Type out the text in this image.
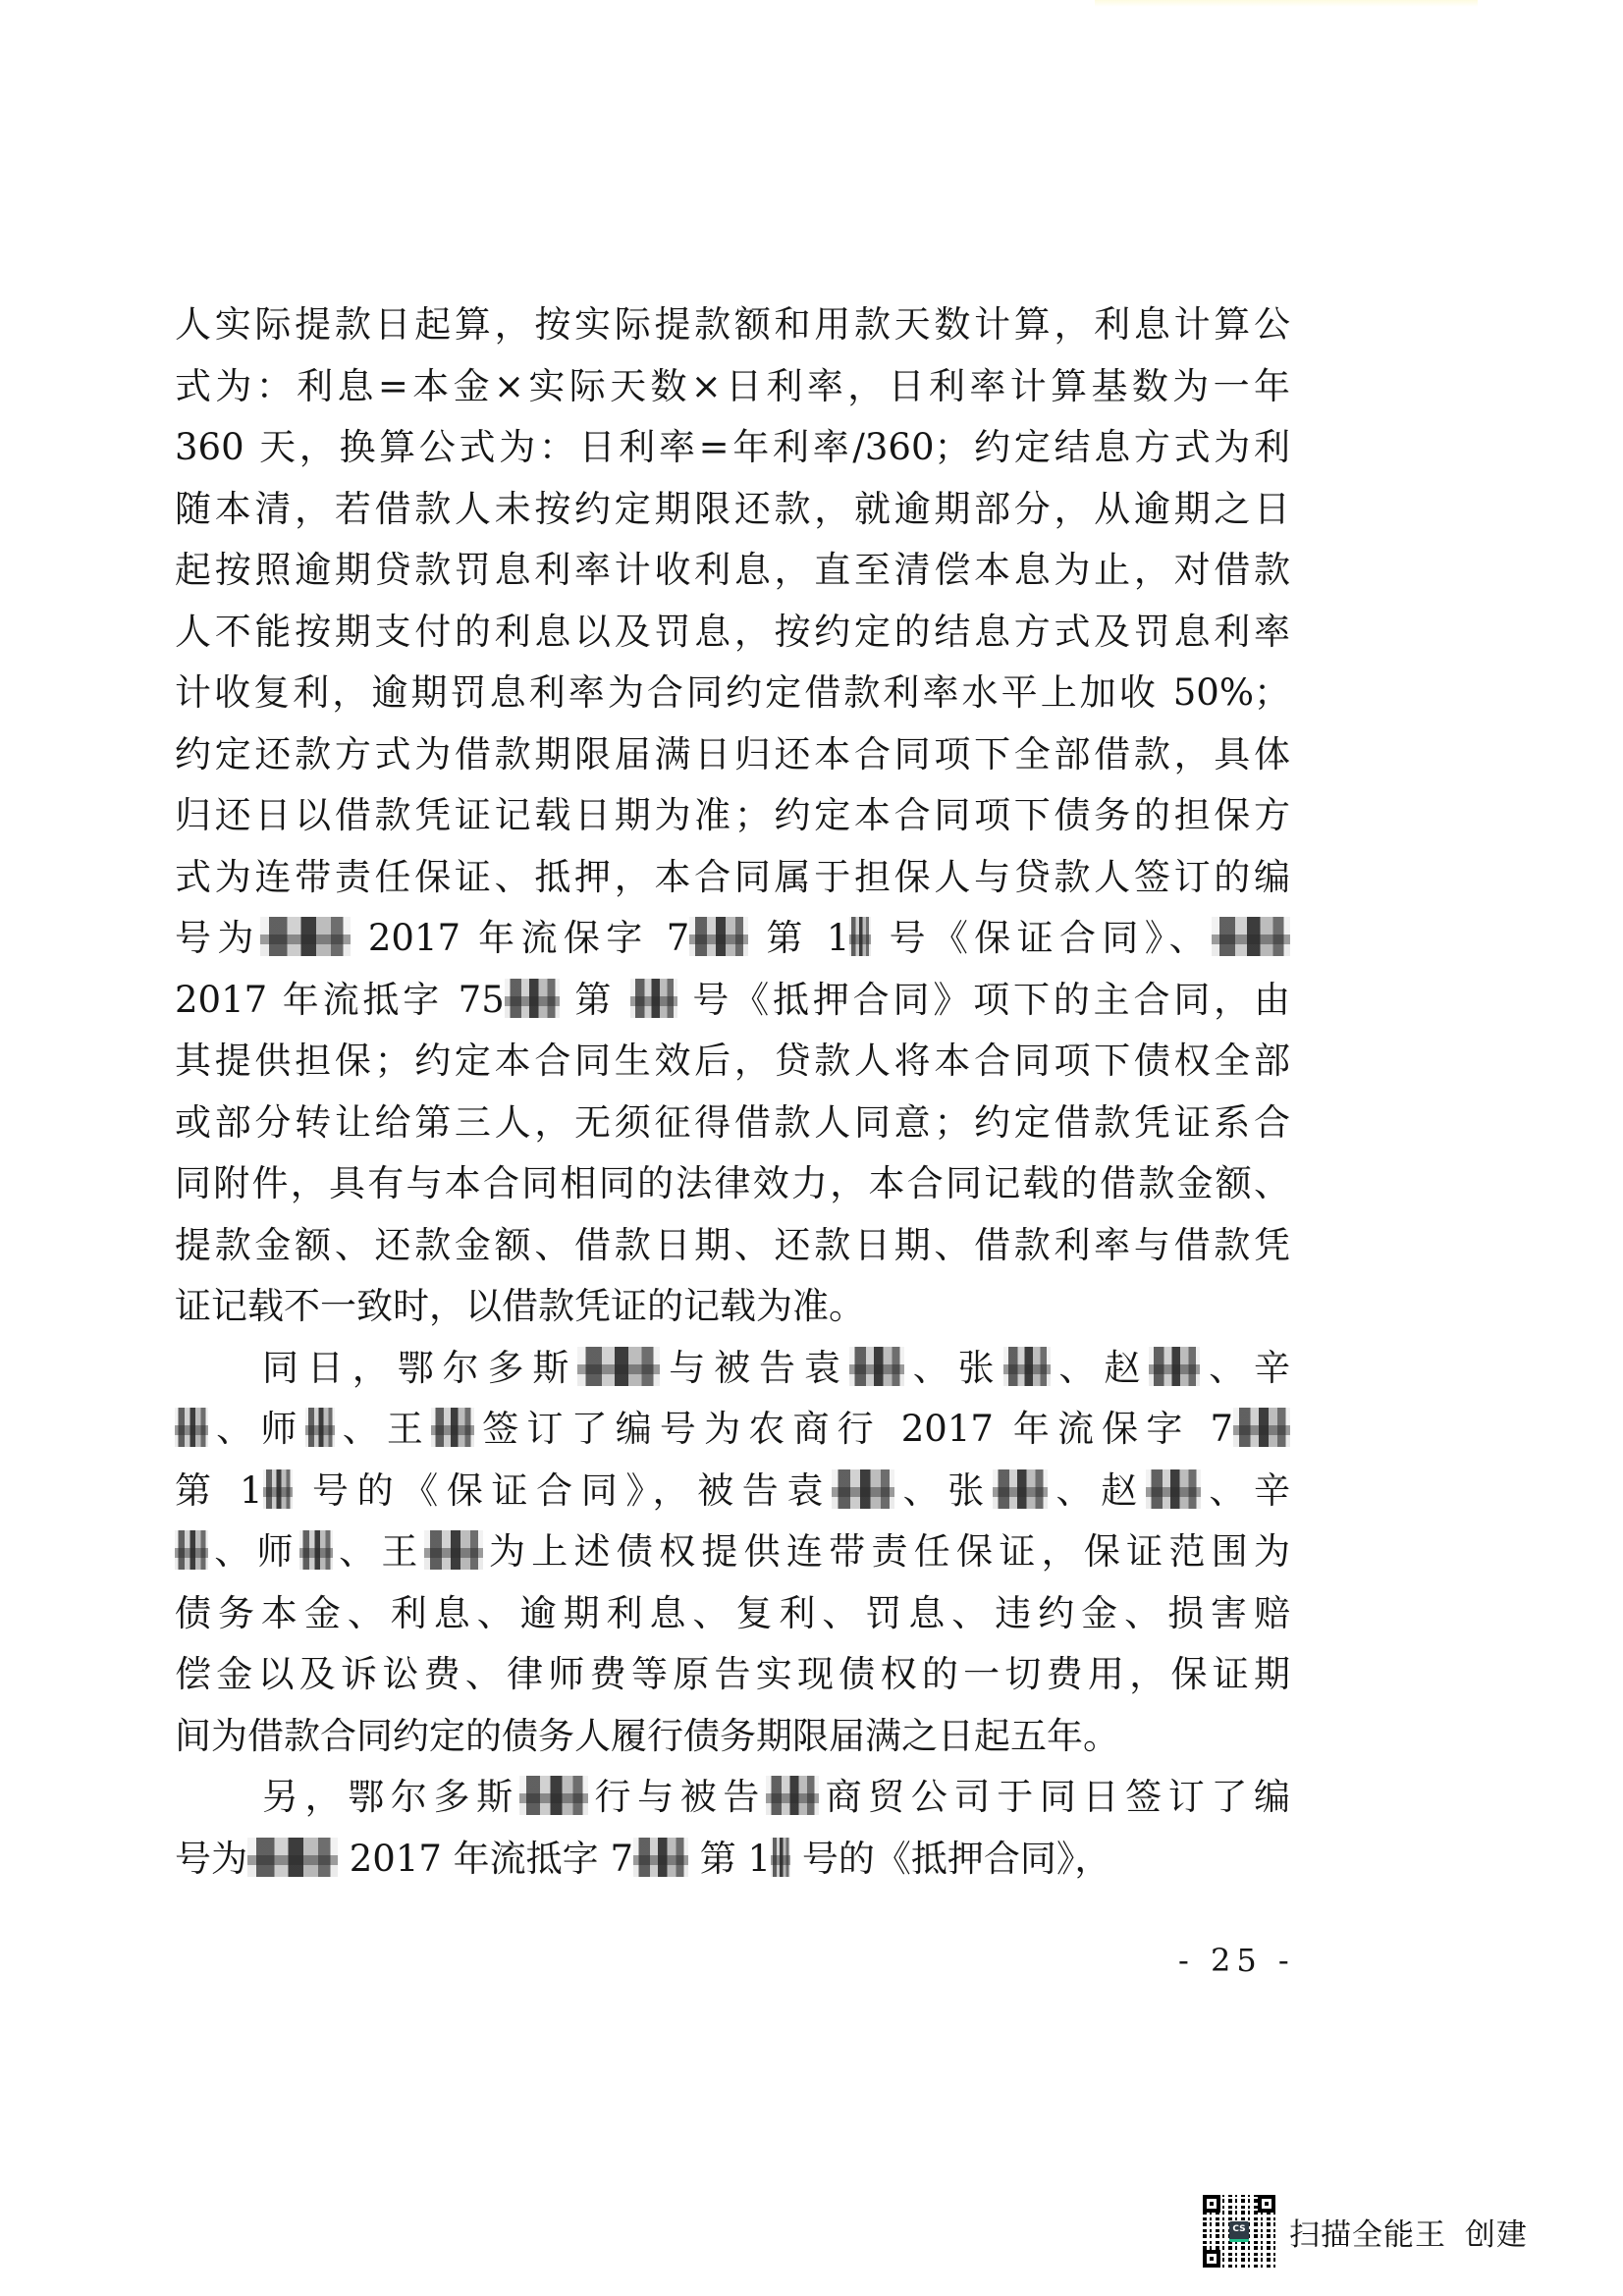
人实际提款日起算，按实际提款额和用款天数计算，利息计算公
式为：利息=本金×实际天数×日利率，日利率计算基数为一年
360 天，换算公式为：日利率=年利率/360；约定结息方式为利
随本清，若借款人未按约定期限还款，就逾期部分，从逾期之日
起按照逾期贷款罚息利率计收利息，直至清偿本息为止，对借款
人不能按期支付的利息以及罚息，按约定的结息方式及罚息利率
计收复利，逾期罚息利率为合同约定借款利率水平上加收 50%；
约定还款方式为借款期限届满日归还本合同项下全部借款，具体
归还日以借款凭证记载日期为准；约定本合同项下债务的担保方
式为连带责任保证、抵押，本合同属于担保人与贷款人签订的编
号为 2017 年流保字 7 第 1 号《保证合同》、
2017 年流抵字 75 第  号《抵押合同》项下的主合同，由
其提供担保；约定本合同生效后，贷款人将本合同项下债权全部
或部分转让给第三人，无须征得借款人同意；约定借款凭证系合
同附件，具有与本合同相同的法律效力，本合同记载的借款金额、
提款金额、还款金额、借款日期、还款日期、借款利率与借款凭
证记载不一致时，以借款凭证的记载为准。
同日，鄂尔多斯 与被告袁 、张 、赵 、辛
、师 、王 签订了编号为农商行 2017 年流保字 7
第 1 号的《保证合同》，被告袁 、张 、赵 、辛
、师 、王 为上述债权提供连带责任保证，保证范围为
债务本金、利息、逾期利息、复利、罚息、违约金、损害赔
偿金以及诉讼费、律师费等原告实现债权的一切费用，保证期
间为借款合同约定的债务人履行债务期限届满之日起五年。
另，鄂尔多斯 行与被告 商贸公司于同日签订了编
号为 2017 年流抵字 7 第 1 号的《抵押合同》，
- 25 -
CS 扫描全能王 创建
